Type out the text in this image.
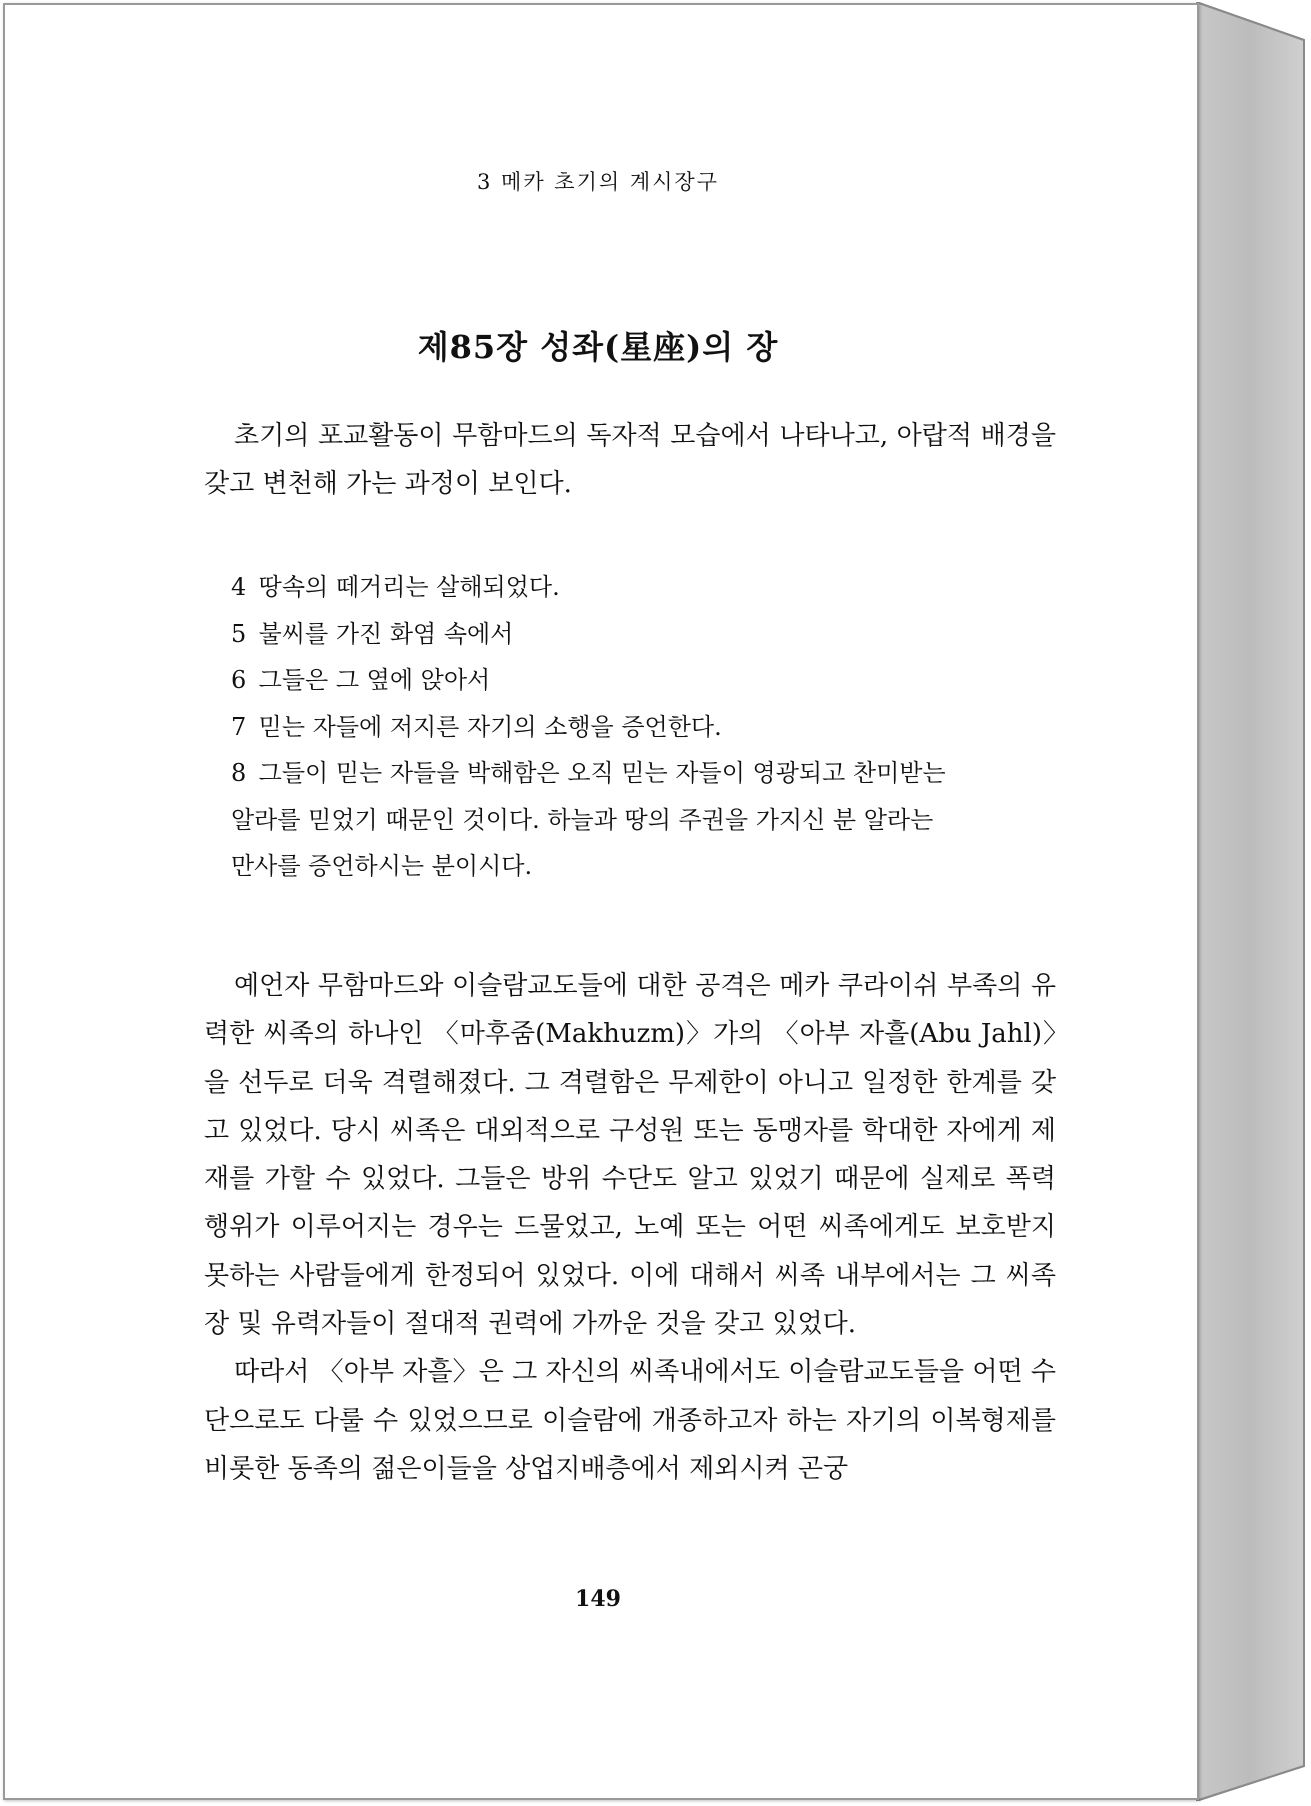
3 메카 초기의 계시장구
제85장 성좌(星座)의 장
초기의 포교활동이 무함마드의 독자적 모습에서 나타나고, 아랍적 배경을 갖고 변천해 가는 과정이 보인다.
4 땅속의 떼거리는 살해되었다.
5 불씨를 가진 화염 속에서
6 그들은 그 옆에 앉아서
7 믿는 자들에 저지른 자기의 소행을 증언한다.
8 그들이 믿는 자들을 박해함은 오직 믿는 자들이 영광되고 찬미받는
알라를 믿었기 때문인 것이다. 하늘과 땅의 주권을 가지신 분 알라는
만사를 증언하시는 분이시다.

예언자 무함마드와 이슬람교도들에 대한 공격은 메카 쿠라이쉬 부족의 유력한 씨족의 하나인 〈마후줌(Makhuzm)〉가의 〈아부 자흘(Abu Jahl)〉을 선두로 더욱 격렬해졌다. 그 격렬함은 무제한이 아니고 일정한 한계를 갖고 있었다. 당시 씨족은 대외적으로 구성원 또는 동맹자를 학대한 자에게 제재를 가할 수 있었다. 그들은 방위 수단도 알고 있었기 때문에 실제로 폭력 행위가 이루어지는 경우는 드물었고, 노예 또는 어떤 씨족에게도 보호받지 못하는 사람들에게 한정되어 있었다. 이에 대해서 씨족 내부에서는 그 씨족장 및 유력자들이 절대적 권력에 가까운 것을 갖고 있었다.

따라서 〈아부 자흘〉은 그 자신의 씨족내에서도 이슬람교도들을 어떤 수단으로도 다룰 수 있었으므로 이슬람에 개종하고자 하는 자기의 이복형제를 비롯한 동족의 젊은이들을 상업지배층에서 제외시켜 곤궁

149
